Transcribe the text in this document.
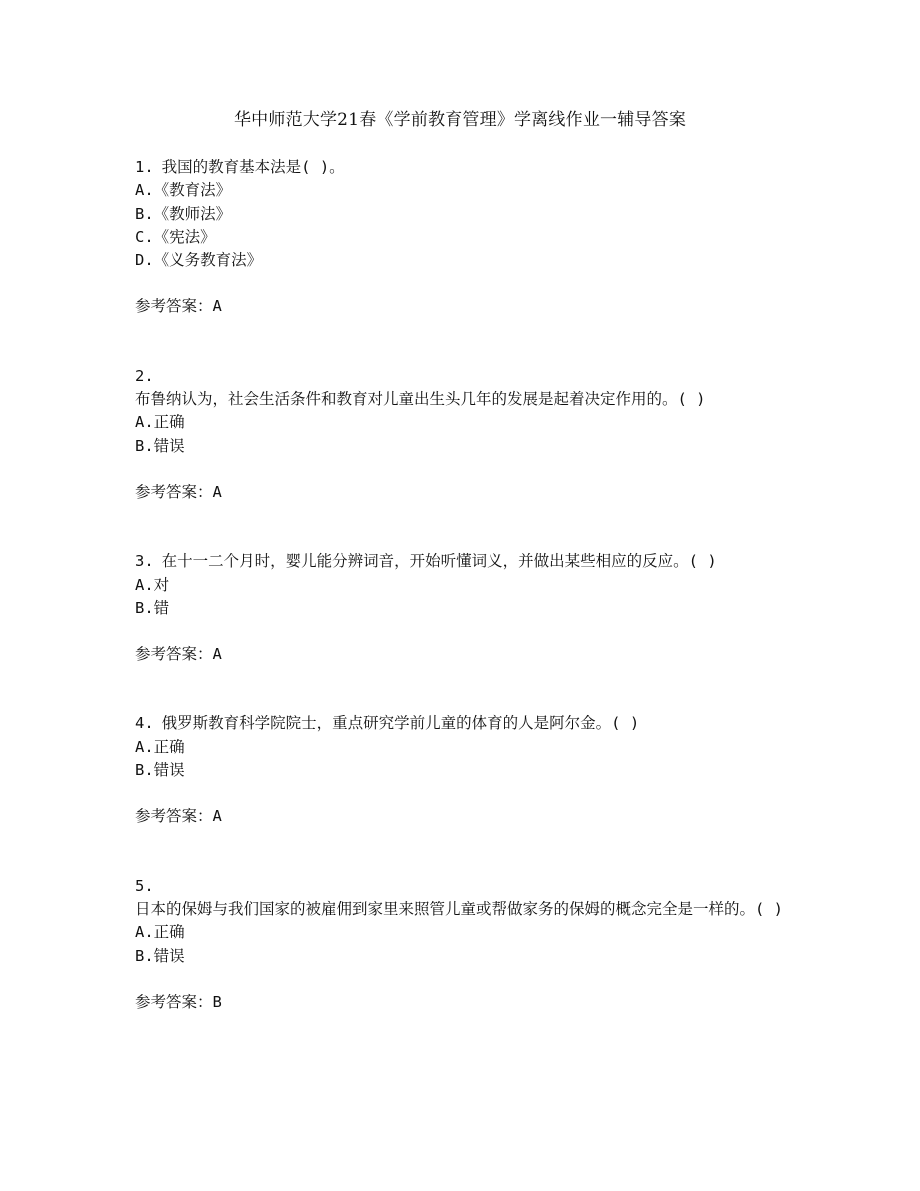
华中师范大学21春《学前教育管理》学离线作业一辅导答案
1. 我国的教育基本法是( )。
A.《教育法》
B.《教师法》
C.《宪法》
D.《义务教育法》
参考答案：A
2.
布鲁纳认为，社会生活条件和教育对儿童出生头几年的发展是起着决定作用的。( )
A.正确
B.错误
参考答案：A
3. 在十一二个月时，婴儿能分辨词音，开始听懂词义，并做出某些相应的反应。( )
A.对
B.错
参考答案：A
4. 俄罗斯教育科学院院士，重点研究学前儿童的体育的人是阿尔金。( )
A.正确
B.错误
参考答案：A
5.
日本的保姆与我们国家的被雇佣到家里来照管儿童或帮做家务的保姆的概念完全是一样的。( )
A.正确
B.错误
参考答案：B
